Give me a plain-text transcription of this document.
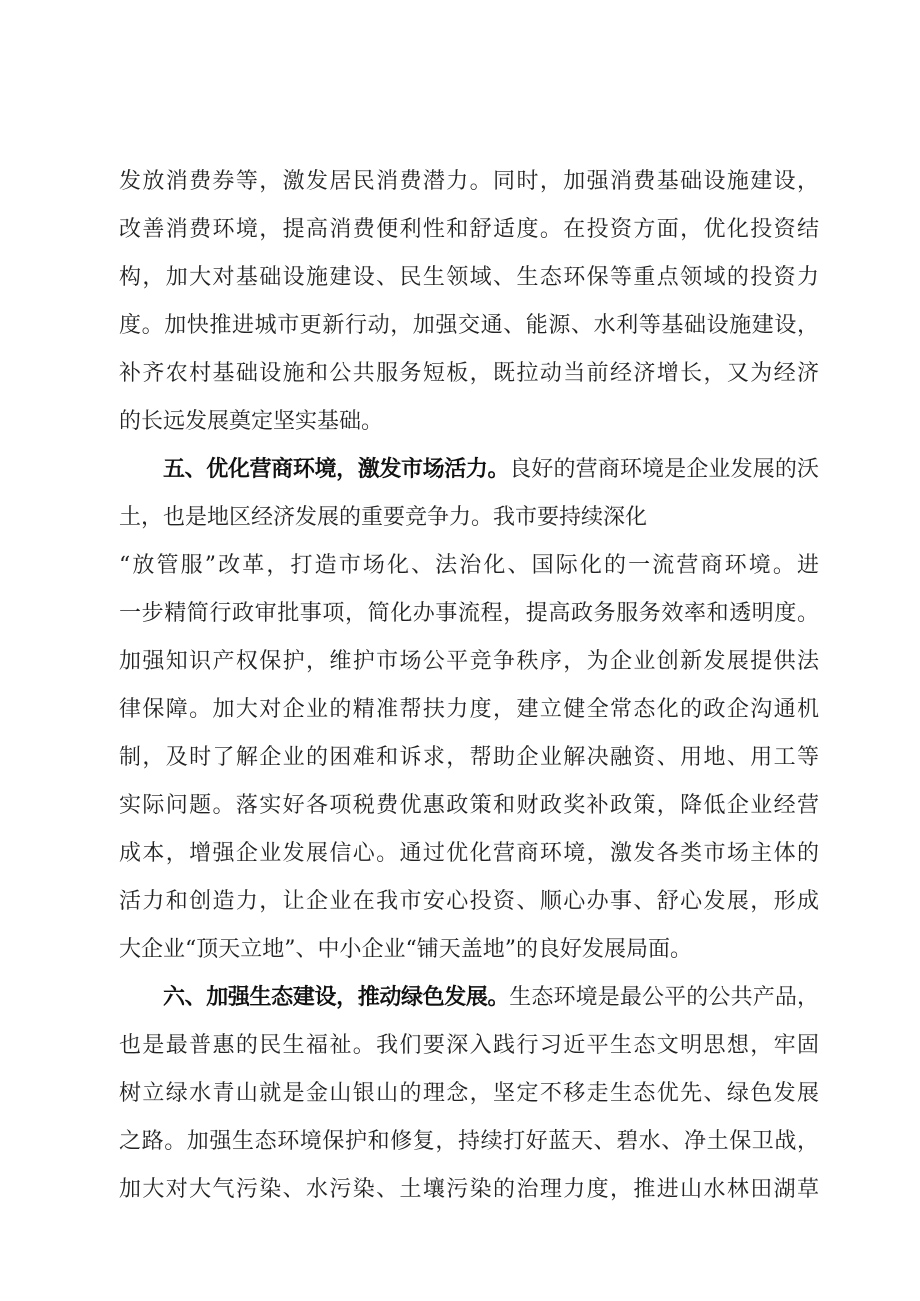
发放消费券等，激发居民消费潜力。同时，加强消费基础设施建设，
改善消费环境，提高消费便利性和舒适度。在投资方面，优化投资结
构，加大对基础设施建设、民生领域、生态环保等重点领域的投资力
度。加快推进城市更新行动，加强交通、能源、水利等基础设施建设，
补齐农村基础设施和公共服务短板，既拉动当前经济增长，又为经济
的长远发展奠定坚实基础。
五、优化营商环境，激发市场活力。良好的营商环境是企业发展的沃
土，也是地区经济发展的重要竞争力。我市要持续深化
“放管服”改革，打造市场化、法治化、国际化的一流营商环境。进
一步精简行政审批事项，简化办事流程，提高政务服务效率和透明度。
加强知识产权保护，维护市场公平竞争秩序，为企业创新发展提供法
律保障。加大对企业的精准帮扶力度，建立健全常态化的政企沟通机
制，及时了解企业的困难和诉求，帮助企业解决融资、用地、用工等
实际问题。落实好各项税费优惠政策和财政奖补政策，降低企业经营
成本，增强企业发展信心。通过优化营商环境，激发各类市场主体的
活力和创造力，让企业在我市安心投资、顺心办事、舒心发展，形成
大企业“顶天立地”、中小企业“铺天盖地”的良好发展局面。
六、加强生态建设，推动绿色发展。生态环境是最公平的公共产品，
也是最普惠的民生福祉。我们要深入践行习近平生态文明思想，牢固
树立绿水青山就是金山银山的理念，坚定不移走生态优先、绿色发展
之路。加强生态环境保护和修复，持续打好蓝天、碧水、净土保卫战，
加大对大气污染、水污染、土壤污染的治理力度，推进山水林田湖草
